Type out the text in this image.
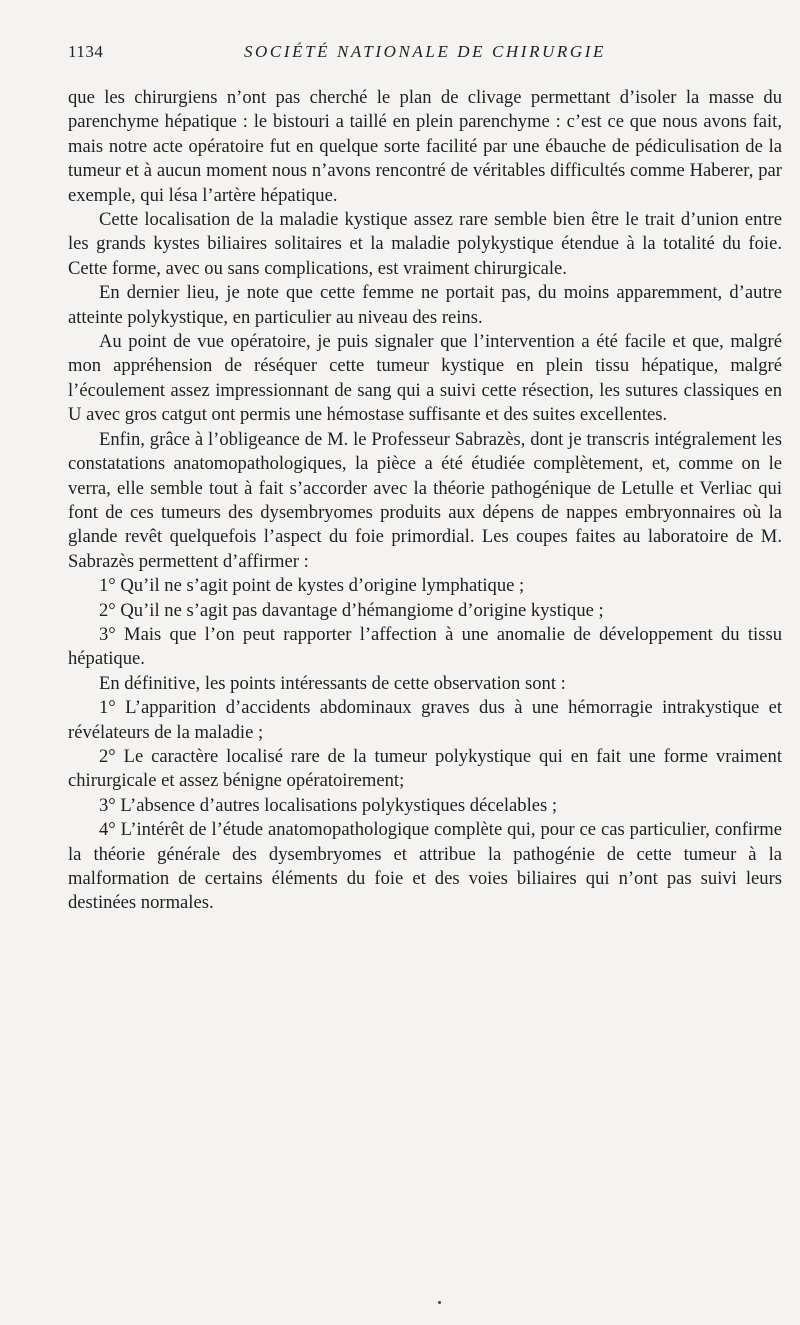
1134	SOCIÉTÉ NATIONALE DE CHIRURGIE

que les chirurgiens n’ont pas cherché le plan de clivage permettant d’isoler la masse du parenchyme hépatique : le bistouri a taillé en plein parenchyme : c’est ce que nous avons fait, mais notre acte opératoire fut en quelque sorte facilité par une ébauche de pédiculisation de la tumeur et à aucun moment nous n’avons rencontré de véritables difficultés comme Haberer, par exemple, qui lésa l’artère hépatique.

Cette localisation de la maladie kystique assez rare semble bien être le trait d’union entre les grands kystes biliaires solitaires et la maladie polykystique étendue à la totalité du foie. Cette forme, avec ou sans complications, est vraiment chirurgicale.

En dernier lieu, je note que cette femme ne portait pas, du moins apparemment, d’autre atteinte polykystique, en particulier au niveau des reins.

Au point de vue opératoire, je puis signaler que l’intervention a été facile et que, malgré mon appréhension de réséquer cette tumeur kystique en plein tissu hépatique, malgré l’écoulement assez impressionnant de sang qui a suivi cette résection, les sutures classiques en U avec gros catgut ont permis une hémostase suffisante et des suites excellentes.

Enfin, grâce à l’obligeance de M. le Professeur Sabrazès, dont je transcris intégralement les constatations anatomopathologiques, la pièce a été étudiée complètement, et, comme on le verra, elle semble tout à fait s’accorder avec la théorie pathogénique de Letulle et Verliac qui font de ces tumeurs des dysembryomes produits aux dépens de nappes embryonnaires où la glande revêt quelquefois l’aspect du foie primordial. Les coupes faites au laboratoire de M. Sabrazès permettent d’affirmer :

1° Qu’il ne s’agit point de kystes d’origine lymphatique ;

2° Qu’il ne s’agit pas davantage d’hémangiome d’origine kystique ;

3° Mais que l’on peut rapporter l’affection à une anomalie de développement du tissu hépatique.

En définitive, les points intéressants de cette observation sont :

1° L’apparition d’accidents abdominaux graves dus à une hémorragie intrakystique et révélateurs de la maladie ;

2° Le caractère localisé rare de la tumeur polykystique qui en fait une forme vraiment chirurgicale et assez bénigne opératoirement;

3° L’absence d’autres localisations polykystiques décelables ;

4° L’intérêt de l’étude anatomopathologique complète qui, pour ce cas particulier, confirme la théorie générale des dysembryomes et attribue la pathogénie de cette tumeur à la malformation de certains éléments du foie et des voies biliaires qui n’ont pas suivi leurs destinées normales.
